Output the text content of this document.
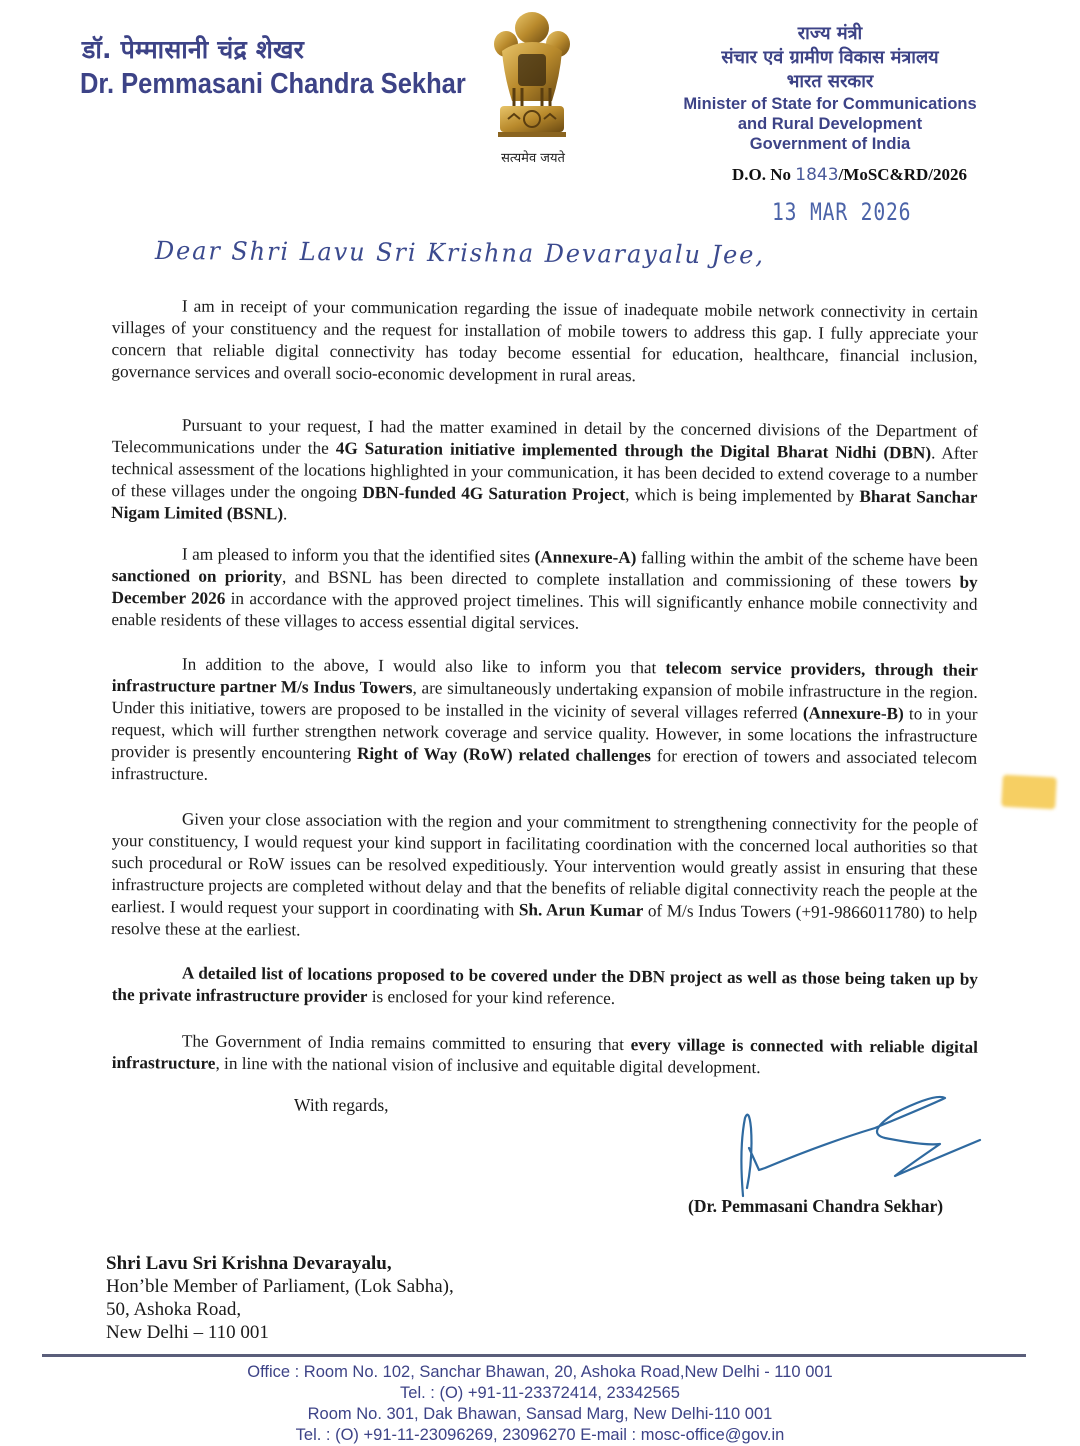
डॉ. पेम्मासानी चंद्र शेखर
Dr. Pemmasani Chandra Sekhar
सत्यमेव जयते
राज्य मंत्री
संचार एवं ग्रामीण विकास मंत्रालय
भारत सरकार
Minister of State for Communications
and Rural Development
Government of India
D.O. No 1843/MoSC&RD/2026
13 MAR 2026
Dear Shri Lavu Sri Krishna Devarayalu Jee,
I am in receipt of your communication regarding the issue of inadequate mobile network connectivity in certain villages of your constituency and the request for installation of mobile towers to address this gap. I fully appreciate your concern that reliable digital connectivity has today become essential for education, healthcare, financial inclusion, governance services and overall socio-economic development in rural areas.
Pursuant to your request, I had the matter examined in detail by the concerned divisions of the Department of Telecommunications under the 4G Saturation initiative implemented through the Digital Bharat Nidhi (DBN). After technical assessment of the locations highlighted in your communication, it has been decided to extend coverage to a number of these villages under the ongoing DBN-funded 4G Saturation Project, which is being implemented by Bharat Sanchar Nigam Limited (BSNL).
I am pleased to inform you that the identified sites (Annexure-A) falling within the ambit of the scheme have been sanctioned on priority, and BSNL has been directed to complete installation and commissioning of these towers by December 2026 in accordance with the approved project timelines. This will significantly enhance mobile connectivity and enable residents of these villages to access essential digital services.
In addition to the above, I would also like to inform you that telecom service providers, through their infrastructure partner M/s Indus Towers, are simultaneously undertaking expansion of mobile infrastructure in the region. Under this initiative, towers are proposed to be installed in the vicinity of several villages referred (Annexure-B) to in your request, which will further strengthen network coverage and service quality. However, in some locations the infrastructure provider is presently encountering Right of Way (RoW) related challenges for erection of towers and associated telecom infrastructure.
Given your close association with the region and your commitment to strengthening connectivity for the people of your constituency, I would request your kind support in facilitating coordination with the concerned local authorities so that such procedural or RoW issues can be resolved expeditiously. Your intervention would greatly assist in ensuring that these infrastructure projects are completed without delay and that the benefits of reliable digital connectivity reach the people at the earliest. I would request your support in coordinating with Sh. Arun Kumar of M/s Indus Towers (+91-9866011780) to help resolve these at the earliest.
A detailed list of locations proposed to be covered under the DBN project as well as those being taken up by the private infrastructure provider is enclosed for your kind reference.
The Government of India remains committed to ensuring that every village is connected with reliable digital infrastructure, in line with the national vision of inclusive and equitable digital development.
With regards,
(Dr. Pemmasani Chandra Sekhar)
Shri Lavu Sri Krishna Devarayalu,
Hon’ble Member of Parliament, (Lok Sabha),
50, Ashoka Road,
New Delhi – 110 001
Office : Room No. 102, Sanchar Bhawan, 20, Ashoka Road,New Delhi - 110 001
Tel. : (O) +91-11-23372414, 23342565
Room No. 301, Dak Bhawan, Sansad Marg, New Delhi-110 001
Tel. : (O) +91-11-23096269, 23096270 E-mail : mosc-office@gov.in
